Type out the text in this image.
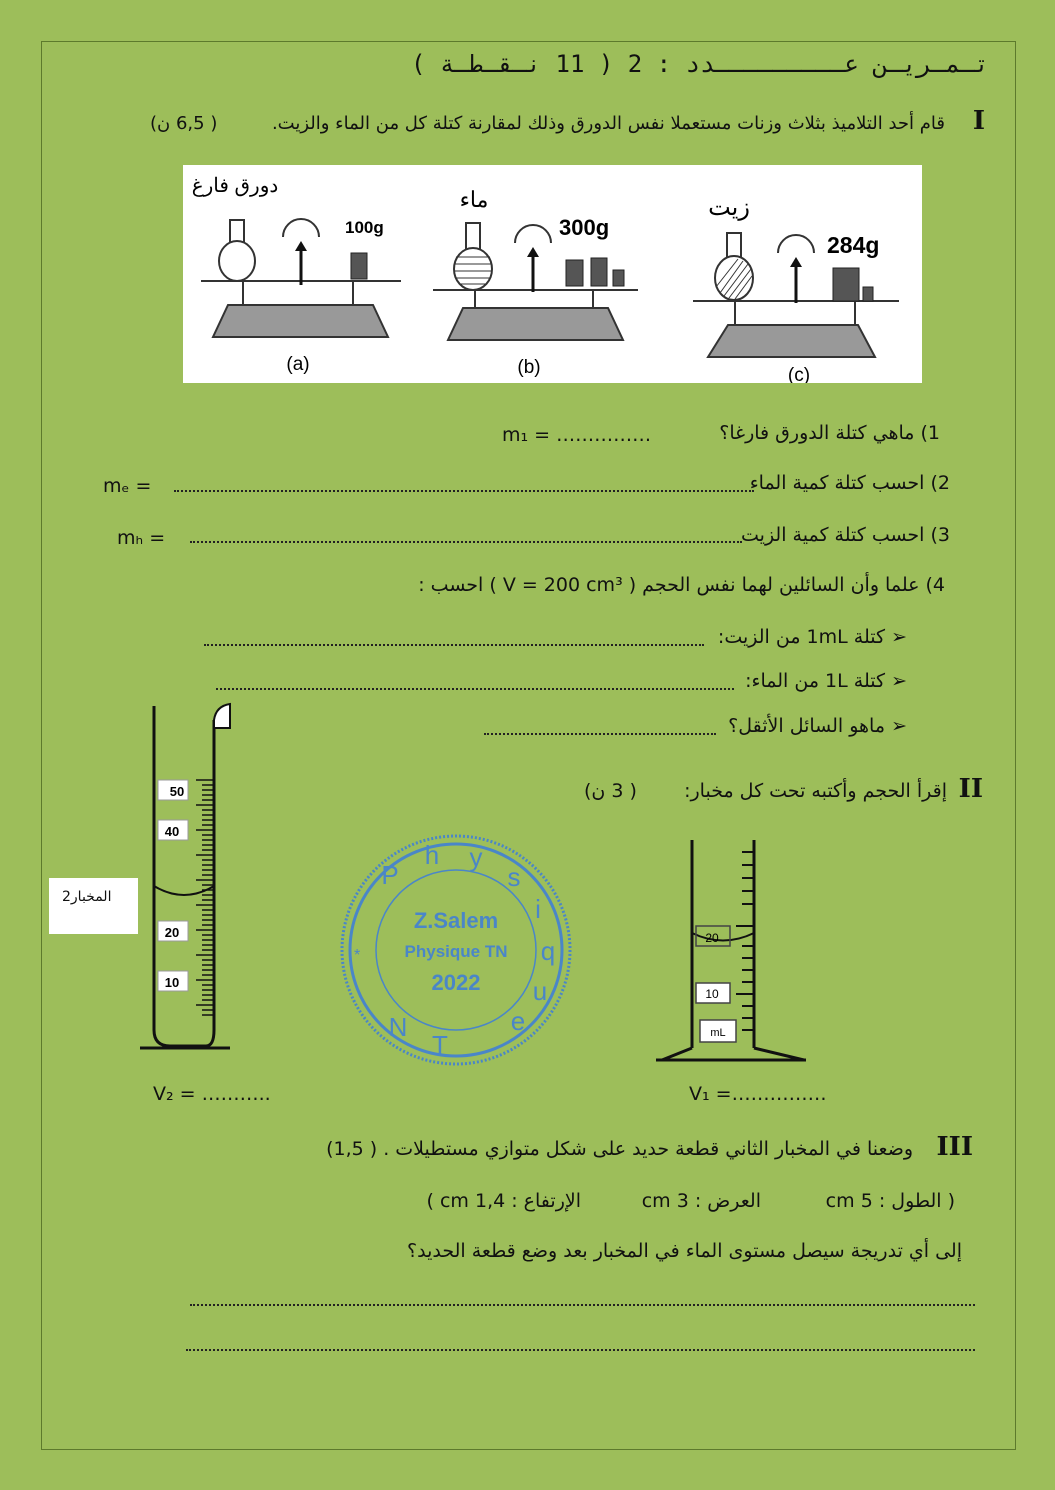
تـمـريـن عـــــــــدد : 2 ( 11 نـقـطـة )
I
قام أحد التلاميذ بثلاث وزنات مستعملا نفس الدورق وذلك لمقارنة كتلة كل من الماء والزيت.
( 6,5 ن)
100g
(a)
دورق فارغ
300g
(b)
ماء
284g
(c)
زيت
1) ماهي كتلة الدورق فارغا؟
m₁ = ……………
2) احسب كتلة كمية الماء
mₑ =
3) احسب كتلة كمية الزيت
mₕ =
4) علما وأن السائلين لهما نفس الحجم ( V = 200 cm³ ) احسب :
➢ كتلة 1mL من الزيت:
➢ كتلة 1L من الماء:
➢ ماهو السائل الأثقل؟
II
إقرأ الحجم وأكتبه تحت كل مخبار:
( 3 ن)
المخبار2
50
40
20
10
V₂ = ………..
P
h y
s
i
q
u
e
T
N
*
Z.Salem
Physique TN
2022
20
10
mL
V₁ =……………
III
وضعنا في المخبار الثاني قطعة حديد على شكل متوازي مستطيلات . ( 1,5)
( الطول : 5 cm
العرض : 3 cm
الإرتفاع : 1,4 cm )
إلى أي تدريجة سيصل مستوى الماء في المخبار بعد وضع قطعة الحديد؟
